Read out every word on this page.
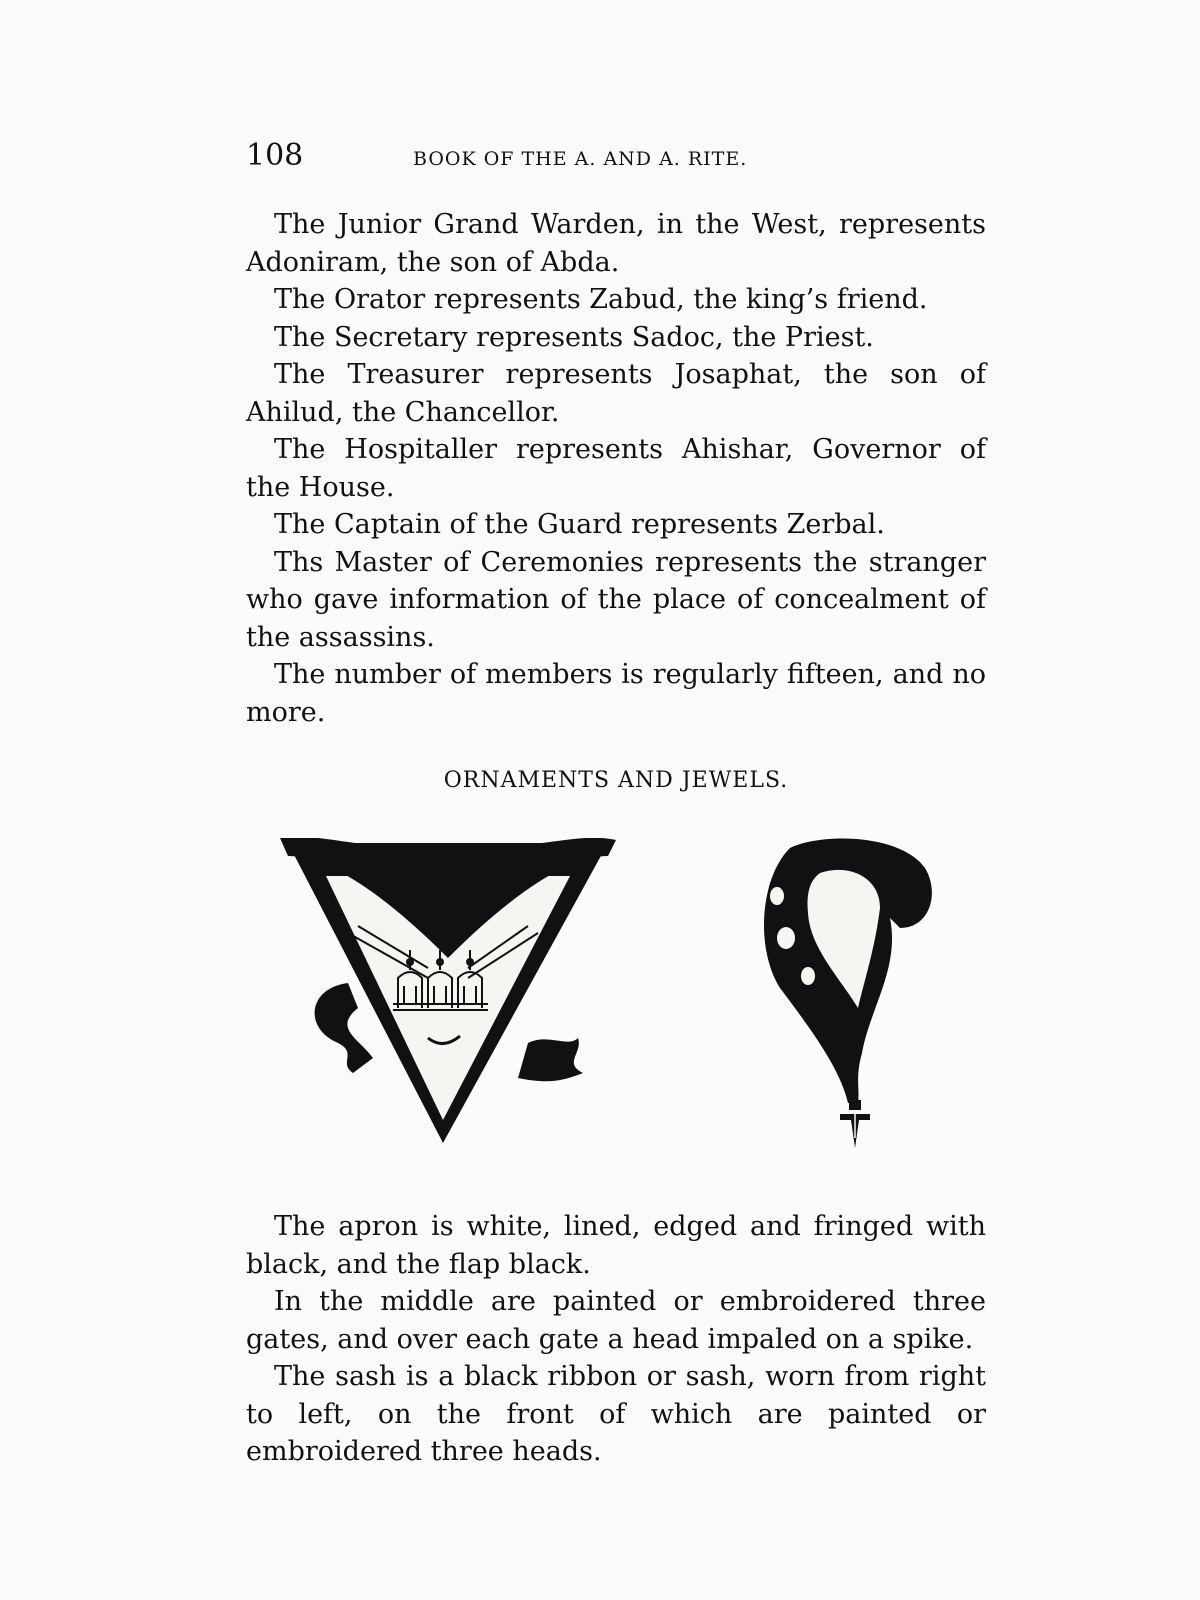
108	BOOK OF THE A. AND A. RITE.

The Junior Grand Warden, in the West, represents Adoniram, the son of Abda.

The Orator represents Zabud, the king’s friend.

The Secretary represents Sadoc, the Priest.

The Treasurer represents Josaphat, the son of Ahilud, the Chancellor.

The Hospitaller represents Ahishar, Governor of the House.

The Captain of the Guard represents Zerbal.

Ths Master of Ceremonies represents the stranger who gave information of the place of concealment of the assassins.

The number of members is regularly fifteen, and no more.

ORNAMENTS AND JEWELS.

The apron is white, lined, edged and fringed with black, and the flap black.

In the middle are painted or embroidered three gates, and over each gate a head impaled on a spike.

The sash is a black ribbon or sash, worn from right to left, on the front of which are painted or embroidered three heads.
